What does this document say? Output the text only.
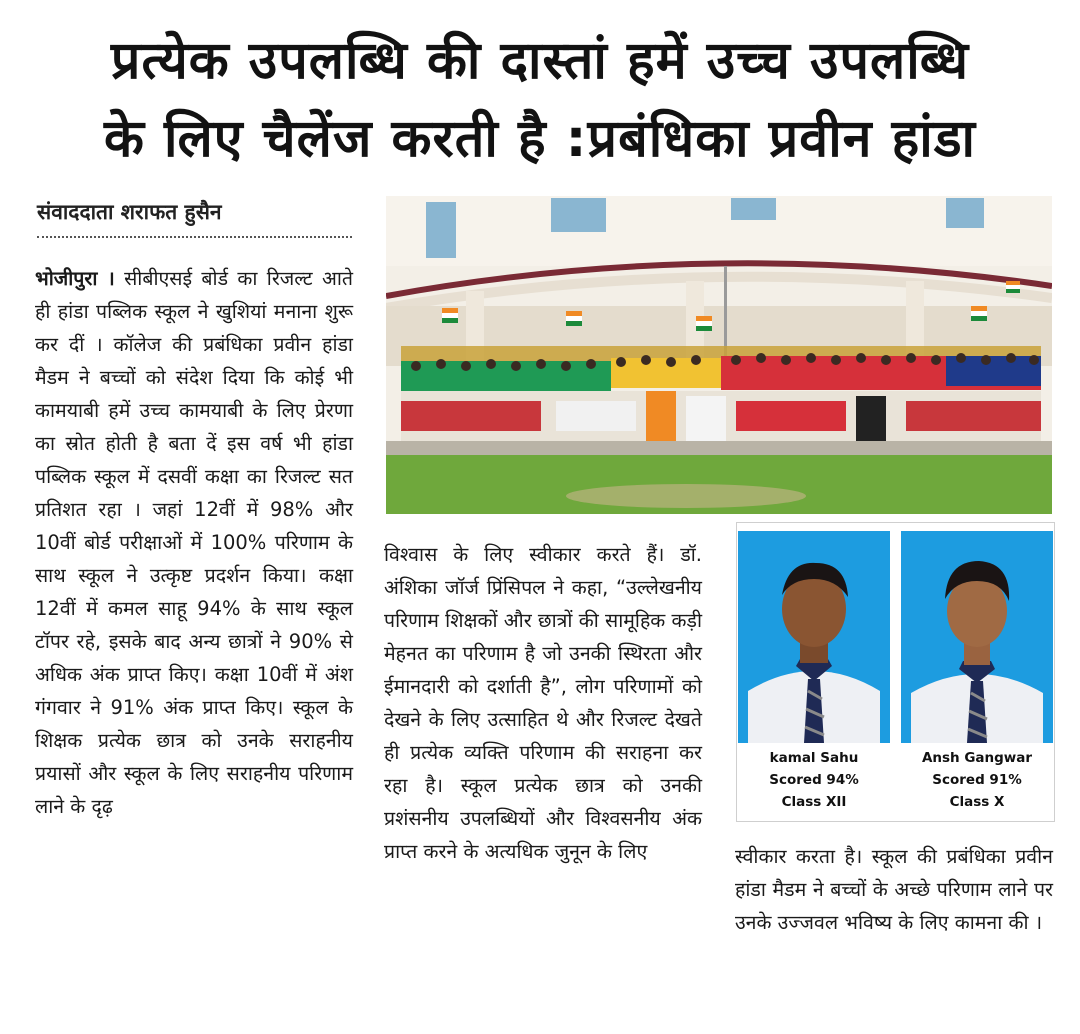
प्रत्येक उपलब्धि की दास्तां हमें उच्च उपलब्धि
के लिए चैलेंज करती है :प्रबंधिका प्रवीन हांडा
संवाददाता शराफत हुसैन

भोजीपुरा । सीबीएसई बोर्ड का रिजल्ट आते ही हांडा पब्लिक स्कूल ने खुशियां मनाना शुरू कर दीं । कॉलेज की प्रबंधिका प्रवीन हांडा मैडम ने बच्चों को संदेश दिया कि कोई भी कामयाबी हमें उच्च कामयाबी के लिए प्रेरणा का स्रोत होती है बता दें इस वर्ष भी हांडा पब्लिक स्कूल में दसवीं कक्षा का रिजल्ट सत प्रतिशत रहा । जहां 12वीं में 98% और 10वीं बोर्ड परीक्षाओं में 100% परिणाम के साथ स्कूल ने उत्कृष्ट प्रदर्शन किया। कक्षा 12वीं में कमल साहू 94% के साथ स्कूल टॉपर रहे, इसके बाद अन्य छात्रों ने 90% से अधिक अंक प्राप्त किए। कक्षा 10वीं में अंश गंगवार ने 91% अंक प्राप्त किए। स्कूल के शिक्षक प्रत्येक छात्र को उनके सराहनीय प्रयासों और स्कूल के लिए सराहनीय परिणाम लाने के दृढ़

kamal Sahu
Scored 94%
Class XII
Ansh Gangwar
Scored 91%
Class X

विश्वास के लिए स्वीकार करते हैं। डॉ. अंशिका जॉर्ज प्रिंसिपल ने कहा, “उल्लेखनीय परिणाम शिक्षकों और छात्रों की सामूहिक कड़ी मेहनत का परिणाम है जो उनकी स्थिरता और ईमानदारी को दर्शाती है”, लोग परिणामों को देखने के लिए उत्साहित थे और रिजल्ट देखते ही प्रत्येक व्यक्ति परिणाम की सराहना कर रहा है। स्कूल प्रत्येक छात्र को उनकी प्रशंसनीय उपलब्धियों और विश्वसनीय अंक प्राप्त करने के अत्यधिक जुनून के लिए	स्वीकार करता है। स्कूल की प्रबंधिका प्रवीन हांडा मैडम ने बच्चों के अच्छे परिणाम लाने पर उनके उज्जवल भविष्य के लिए कामना की ।
